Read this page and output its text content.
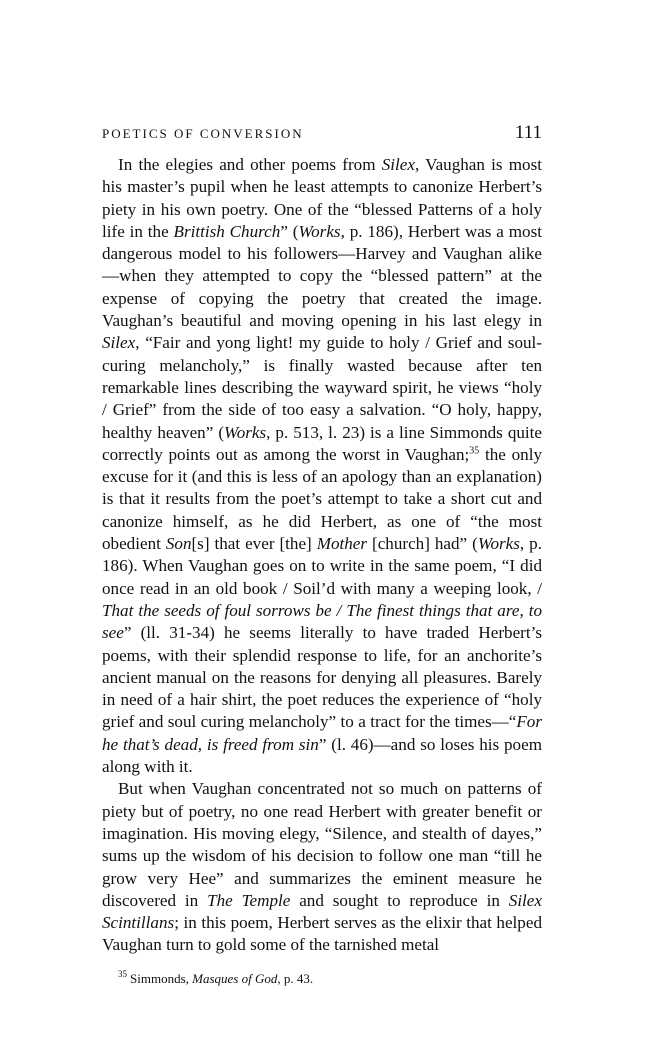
POETICS OF CONVERSION	111

In the elegies and other poems from Silex, Vaughan is most his master’s pupil when he least attempts to canonize Herbert’s piety in his own poetry. One of the “blessed Patterns of a holy life in the Brittish Church” (Works, p. 186), Herbert was a most dangerous model to his followers—Harvey and Vaughan alike—when they attempted to copy the “blessed pattern” at the expense of copying the poetry that created the image. Vaughan’s beautiful and moving opening in his last elegy in Silex, “Fair and yong light! my guide to holy / Grief and soul-curing melancholy,” is finally wasted because after ten remarkable lines describing the wayward spirit, he views “holy / Grief” from the side of too easy a salvation. “O holy, happy, healthy heaven” (Works, p. 513, l. 23) is a line Simmonds quite correctly points out as among the worst in Vaughan;$^{35}$ the only excuse for it (and this is less of an apology than an explanation) is that it results from the poet’s attempt to take a short cut and canonize himself, as he did Herbert, as one of “the most obedient Son[s] that ever [the] Mother [church] had” (Works, p. 186). When Vaughan goes on to write in the same poem, “I did once read in an old book / Soil’d with many a weeping look, / That the seeds of foul sorrows be / The finest things that are, to see” (ll. 31-34) he seems literally to have traded Herbert’s poems, with their splendid response to life, for an anchorite’s ancient manual on the reasons for denying all pleasures. Barely in need of a hair shirt, the poet reduces the experience of “holy grief and soul curing melancholy” to a tract for the times—“For he that’s dead, is freed from sin” (l. 46)—and so loses his poem along with it.

But when Vaughan concentrated not so much on patterns of piety but of poetry, no one read Herbert with greater benefit or imagination. His moving elegy, “Silence, and stealth of dayes,” sums up the wisdom of his decision to follow one man “till he grow very Hee” and summarizes the eminent measure he discovered in The Temple and sought to reproduce in Silex Scintillans; in this poem, Herbert serves as the elixir that helped Vaughan turn to gold some of the tarnished metal

$^{35}$ Simmonds, Masques of God, p. 43.
